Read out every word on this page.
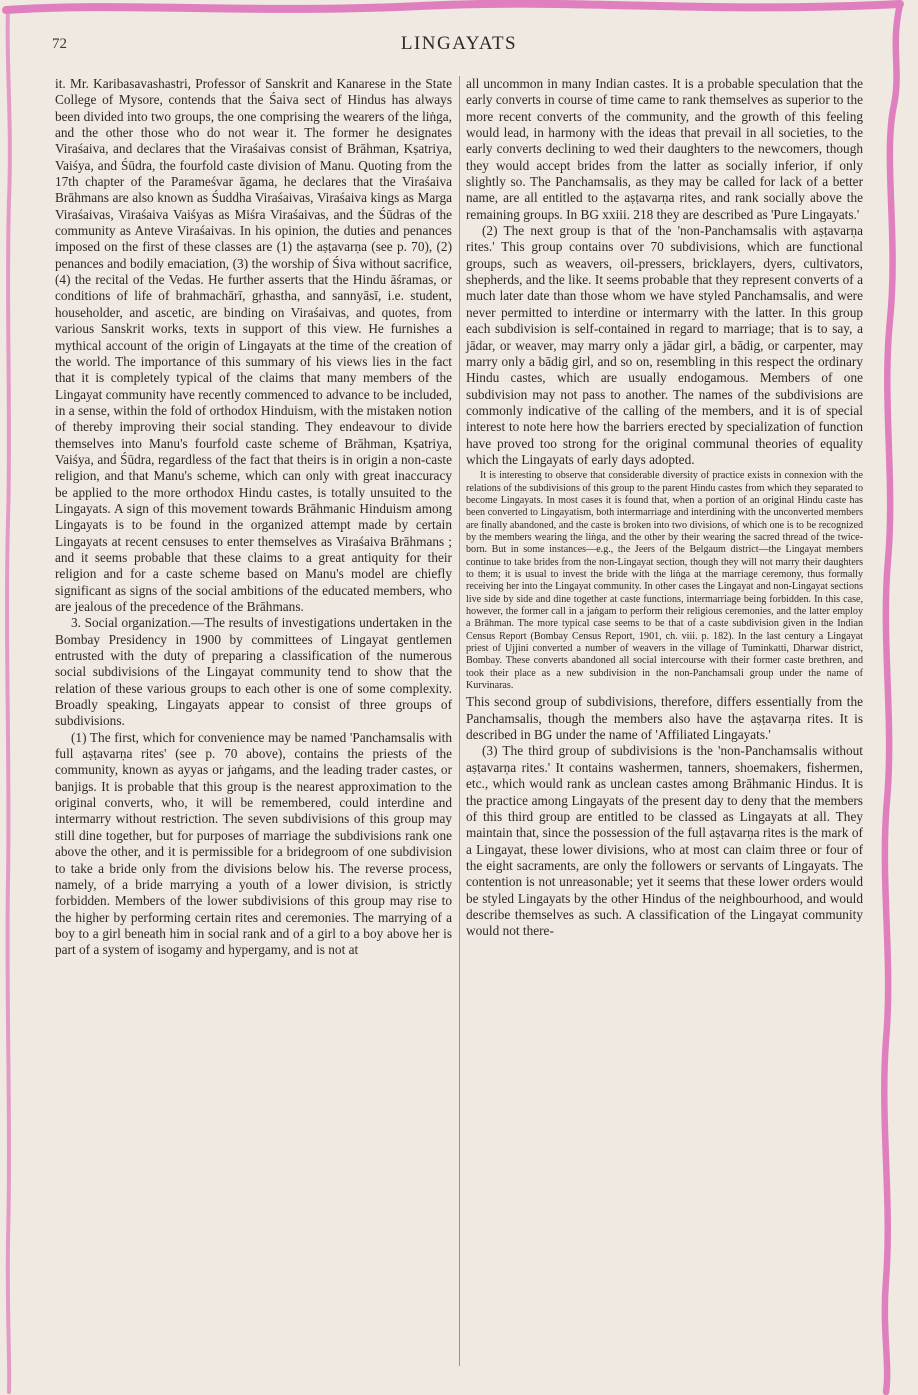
72	LINGAYATS

it. Mr. Karibasavashastri, Professor of Sanskrit and Kanarese in the State College of Mysore, contends that the Śaiva sect of Hindus has always been divided into two groups, the one comprising the wearers of the liṅga, and the other those who do not wear it. The former he designates Viraśaiva, and declares that the Viraśaivas consist of Brāhman, Kṣatriya, Vaiśya, and Śūdra, the fourfold caste division of Manu. Quoting from the 17th chapter of the Parameśvar āgama, he declares that the Viraśaiva Brāhmans are also known as Śuddha Viraśaivas, Viraśaiva kings as Marga Viraśaivas, Viraśaiva Vaiśyas as Miśra Viraśaivas, and the Śūdras of the community as Anteve Viraśaivas. In his opinion, the duties and penances imposed on the first of these classes are (1) the aṣṭavarṇa (see p. 70), (2) penances and bodily emaciation, (3) the worship of Śiva without sacrifice, (4) the recital of the Vedas. He further asserts that the Hindu āśramas, or conditions of life of brahmachārī, gṛhastha, and sannyāsī, i.e. student, householder, and ascetic, are binding on Viraśaivas, and quotes, from various Sanskrit works, texts in support of this view. He furnishes a mythical account of the origin of Lingayats at the time of the creation of the world. The importance of this summary of his views lies in the fact that it is completely typical of the claims that many members of the Lingayat community have recently commenced to advance to be included, in a sense, within the fold of orthodox Hinduism, with the mistaken notion of thereby improving their social standing. They endeavour to divide themselves into Manu's fourfold caste scheme of Brāhman, Kṣatriya, Vaiśya, and Śūdra, regardless of the fact that theirs is in origin a non-caste religion, and that Manu's scheme, which can only with great inaccuracy be applied to the more orthodox Hindu castes, is totally unsuited to the Lingayats. A sign of this movement towards Brāhmanic Hinduism among Lingayats is to be found in the organized attempt made by certain Lingayats at recent censuses to enter themselves as Viraśaiva Brāhmans ; and it seems probable that these claims to a great antiquity for their religion and for a caste scheme based on Manu's model are chiefly significant as signs of the social ambitions of the educated members, who are jealous of the precedence of the Brāhmans.

3. Social organization.—The results of investigations undertaken in the Bombay Presidency in 1900 by committees of Lingayat gentlemen entrusted with the duty of preparing a classification of the numerous social subdivisions of the Lingayat community tend to show that the relation of these various groups to each other is one of some complexity. Broadly speaking, Lingayats appear to consist of three groups of subdivisions.

(1) The first, which for convenience may be named 'Panchamsalis with full aṣṭavarṇa rites' (see p. 70 above), contains the priests of the community, known as ayyas or jaṅgams, and the leading trader castes, or banjigs. It is probable that this group is the nearest approximation to the original converts, who, it will be remembered, could interdine and intermarry without restriction. The seven subdivisions of this group may still dine together, but for purposes of marriage the subdivisions rank one above the other, and it is permissible for a bridegroom of one subdivision to take a bride only from the divisions below his. The reverse process, namely, of a bride marrying a youth of a lower division, is strictly forbidden. Members of the lower subdivisions of this group may rise to the higher by performing certain rites and ceremonies. The marrying of a boy to a girl beneath him in social rank and of a girl to a boy above her is part of a system of isogamy and hypergamy, and is not at

all uncommon in many Indian castes. It is a probable speculation that the early converts in course of time came to rank themselves as superior to the more recent converts of the community, and the growth of this feeling would lead, in harmony with the ideas that prevail in all societies, to the early converts declining to wed their daughters to the newcomers, though they would accept brides from the latter as socially inferior, if only slightly so. The Panchamsalis, as they may be called for lack of a better name, are all entitled to the aṣṭavarṇa rites, and rank socially above the remaining groups. In BG xxiii. 218 they are described as 'Pure Lingayats.'

(2) The next group is that of the 'non-Panchamsalis with aṣṭavarṇa rites.' This group contains over 70 subdivisions, which are functional groups, such as weavers, oil-pressers, bricklayers, dyers, cultivators, shepherds, and the like. It seems probable that they represent converts of a much later date than those whom we have styled Panchamsalis, and were never permitted to interdine or intermarry with the latter. In this group each subdivision is self-contained in regard to marriage; that is to say, a jādar, or weaver, may marry only a jādar girl, a bādig, or carpenter, may marry only a bādig girl, and so on, resembling in this respect the ordinary Hindu castes, which are usually endogamous. Members of one subdivision may not pass to another. The names of the subdivisions are commonly indicative of the calling of the members, and it is of special interest to note here how the barriers erected by specialization of function have proved too strong for the original communal theories of equality which the Lingayats of early days adopted.

It is interesting to observe that considerable diversity of practice exists in connexion with the relations of the subdivisions of this group to the parent Hindu castes from which they separated to become Lingayats. In most cases it is found that, when a portion of an original Hindu caste has been converted to Lingayatism, both intermarriage and interdining with the unconverted members are finally abandoned, and the caste is broken into two divisions, of which one is to be recognized by the members wearing the liṅga, and the other by their wearing the sacred thread of the twice-born. But in some instances—e.g., the Jeers of the Belgaum district—the Lingayat members continue to take brides from the non-Lingayat section, though they will not marry their daughters to them; it is usual to invest the bride with the liṅga at the marriage ceremony, thus formally receiving her into the Lingayat community. In other cases the Lingayat and non-Lingayat sections live side by side and dine together at caste functions, intermarriage being forbidden. In this case, however, the former call in a jaṅgam to perform their religious ceremonies, and the latter employ a Brāhman. The more typical case seems to be that of a caste subdivision given in the Indian Census Report (Bombay Census Report, 1901, ch. viii. p. 182). In the last century a Lingayat priest of Ujjini converted a number of weavers in the village of Tuminkatti, Dharwar district, Bombay. These converts abandoned all social intercourse with their former caste brethren, and took their place as a new subdivision in the non-Panchamsali group under the name of Kurvinaras.

This second group of subdivisions, therefore, differs essentially from the Panchamsalis, though the members also have the aṣṭavarṇa rites. It is described in BG under the name of 'Affiliated Lingayats.'

(3) The third group of subdivisions is the 'non-Panchamsalis without aṣṭavarṇa rites.' It contains washermen, tanners, shoemakers, fishermen, etc., which would rank as unclean castes among Brāhmanic Hindus. It is the practice among Lingayats of the present day to deny that the members of this third group are entitled to be classed as Lingayats at all. They maintain that, since the possession of the full aṣṭavarṇa rites is the mark of a Lingayat, these lower divisions, who at most can claim three or four of the eight sacraments, are only the followers or servants of Lingayats. The contention is not unreasonable; yet it seems that these lower orders would be styled Lingayats by the other Hindus of the neighbourhood, and would describe themselves as such. A classification of the Lingayat community would not there-
